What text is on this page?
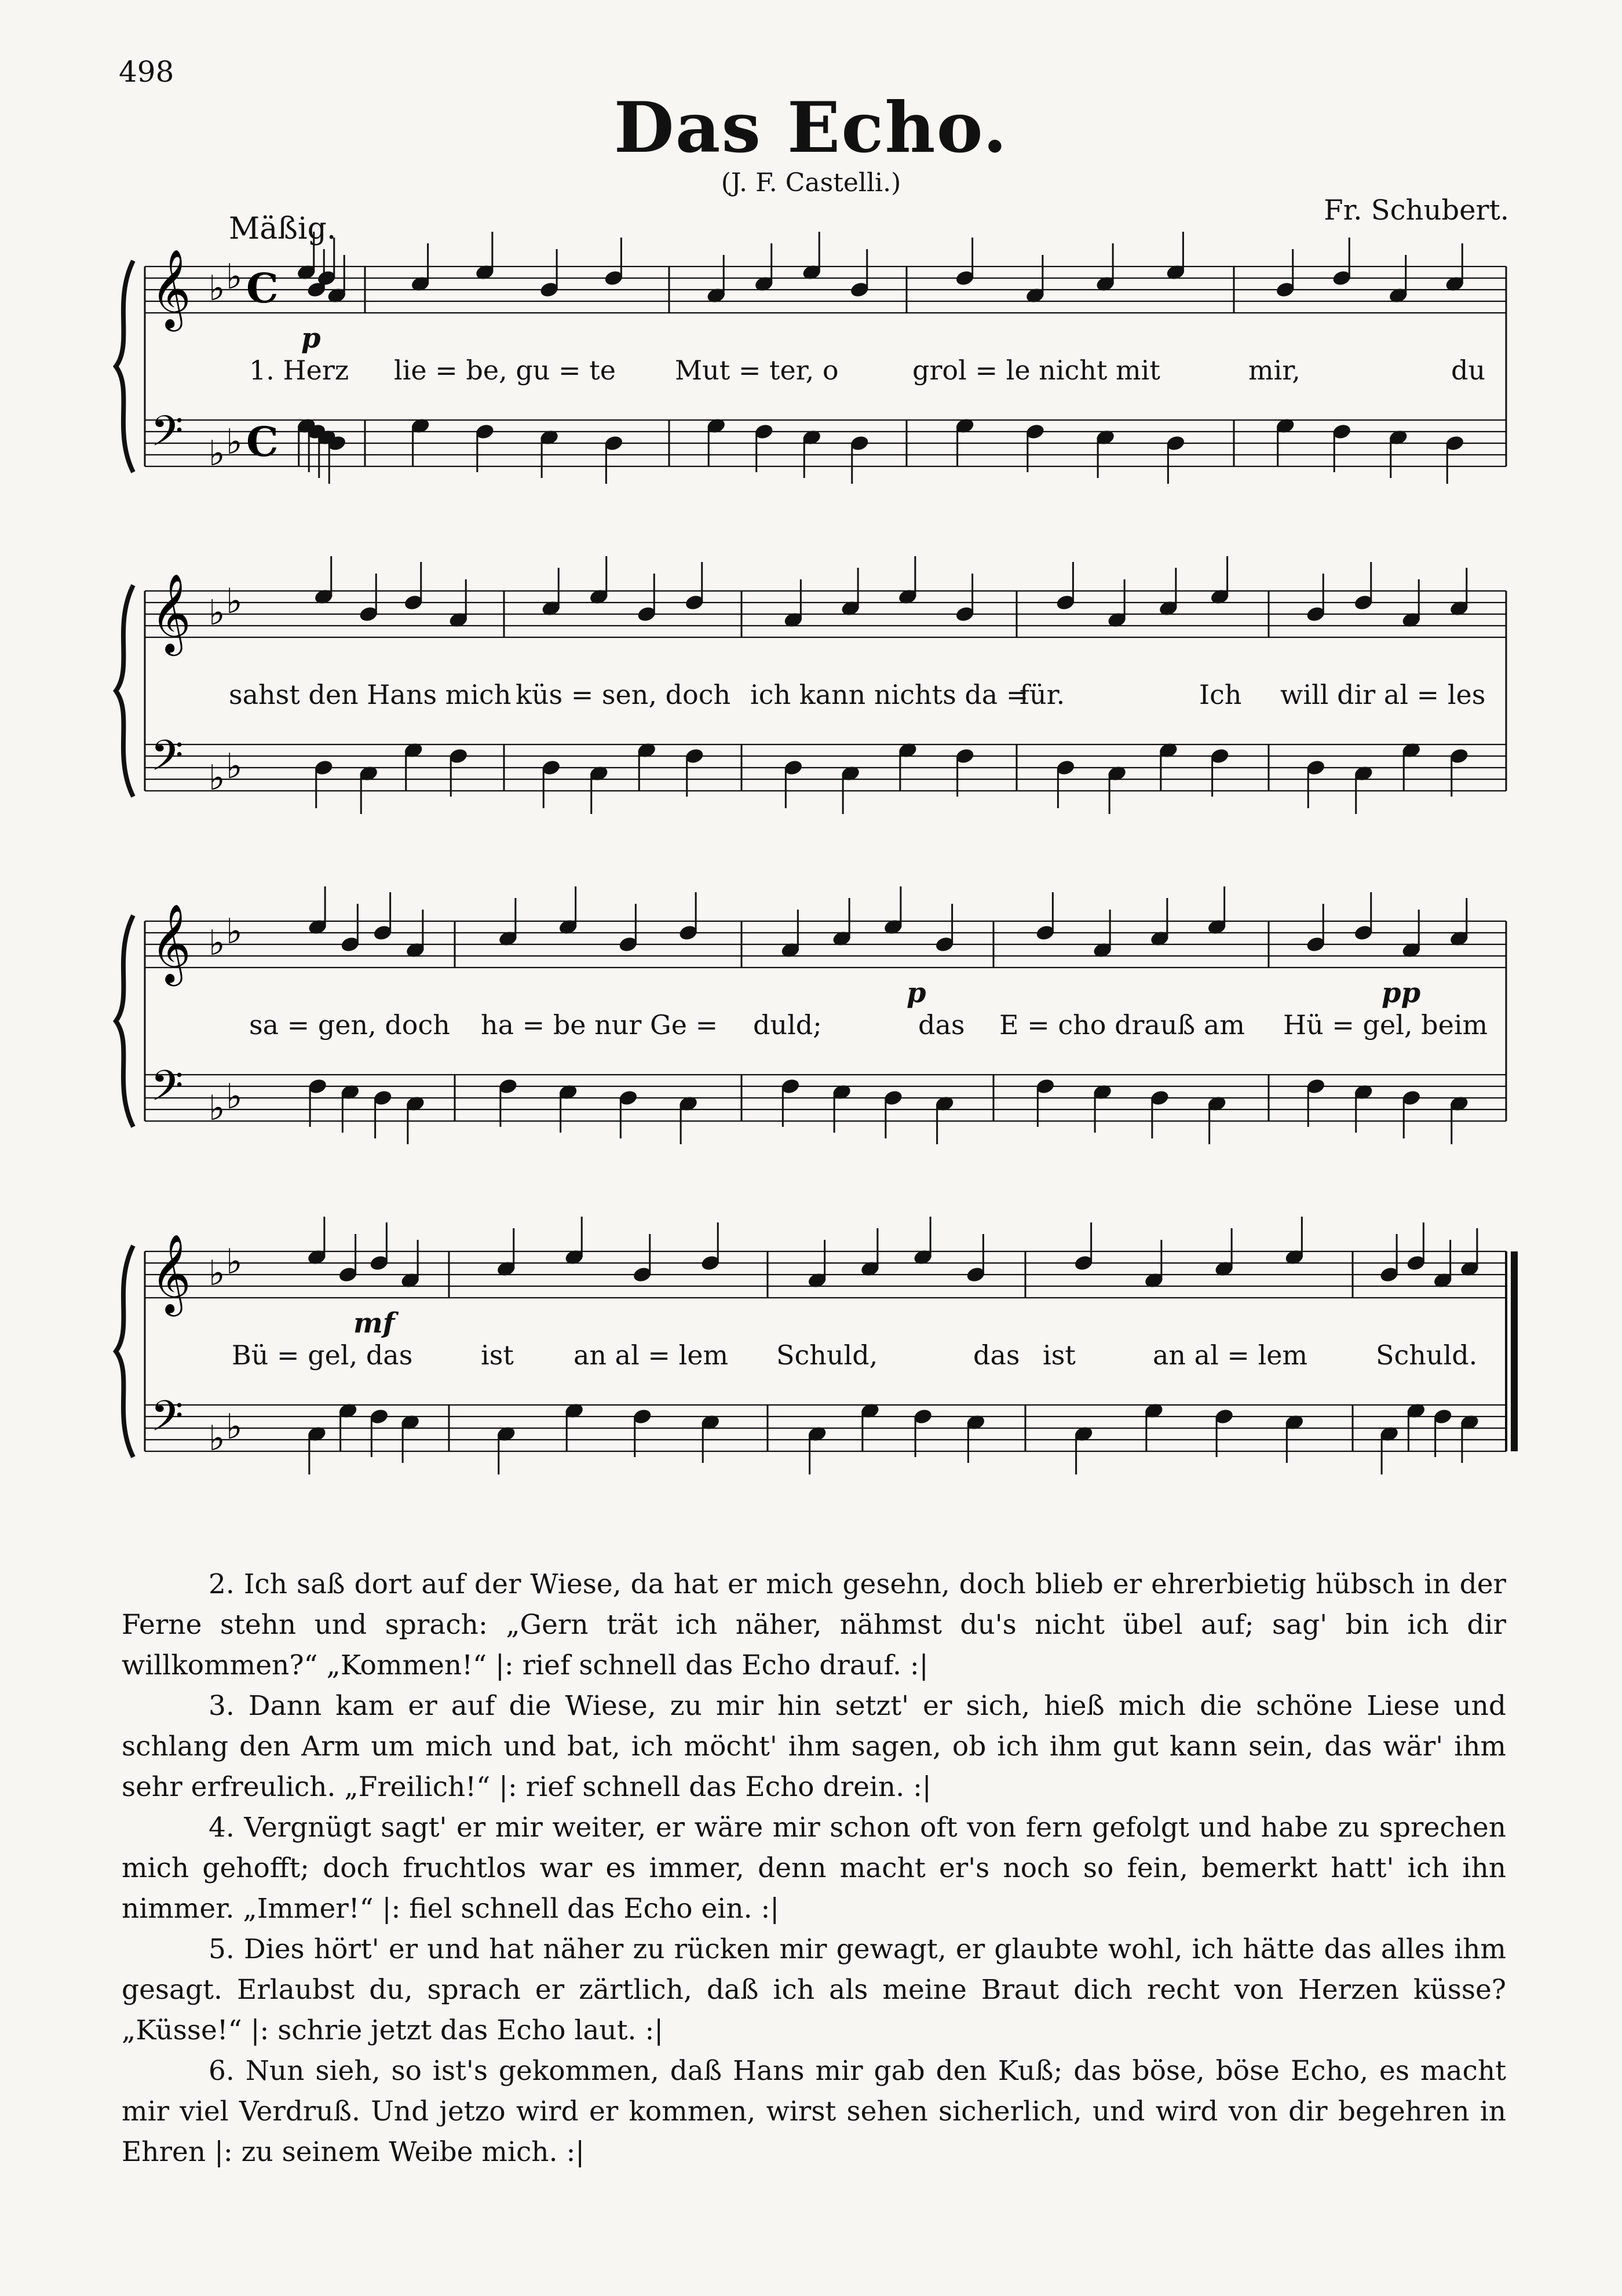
498
Das Echo.
(J. F. Castelli.)
Mäßig.
Fr. Schubert.
𝄞
𝄢
♭ ♭
♭ ♭
C
C
1. Herz lie = be, gu = te Mut = ter, o	grol = le nicht mit	mir,	du
p
𝄞
𝄢
♭ ♭
♭ ♭
sahst den Hans mich küs = sen, doch ich kann nichts da =
für.	Ich will dir al = les
𝄞
𝄢
♭ ♭
♭ ♭
sa = gen, doch ha = be nur Ge = duld;	das E = cho drauß am Hü = gel, beim
p	pp
𝄞
𝄢
♭ ♭
♭ ♭
Bü = gel, das	ist an al = lem Schuld,	das ist	an al = lem	Schuld.
mf

2. Ich saß dort auf der Wiese, da hat er mich gesehn, doch blieb er ehrerbietig hübsch in der Ferne stehn und sprach: „Gern trät ich näher, nähmst du's nicht übel auf; sag' bin ich dir willkommen?“ „Kommen!“ |: rief schnell das Echo drauf. :|

3. Dann kam er auf die Wiese, zu mir hin setzt' er sich, hieß mich die schöne Liese und schlang den Arm um mich und bat, ich möcht' ihm sagen, ob ich ihm gut kann sein, das wär' ihm sehr erfreulich. „Freilich!“ |: rief schnell das Echo drein. :|

4. Vergnügt sagt' er mir weiter, er wäre mir schon oft von fern gefolgt und habe zu sprechen mich gehofft; doch fruchtlos war es immer, denn macht er's noch so fein, bemerkt hatt' ich ihn nimmer. „Immer!“ |: fiel schnell das Echo ein. :|

5. Dies hört' er und hat näher zu rücken mir gewagt, er glaubte wohl, ich hätte das alles ihm gesagt. Erlaubst du, sprach er zärtlich, daß ich als meine Braut dich recht von Herzen küsse? „Küsse!“ |: schrie jetzt das Echo laut. :|

6. Nun sieh, so ist's gekommen, daß Hans mir gab den Kuß; das böse, böse Echo, es macht mir viel Verdruß. Und jetzo wird er kommen, wirst sehen sicherlich, und wird von dir begehren in Ehren |: zu seinem Weibe mich. :|
